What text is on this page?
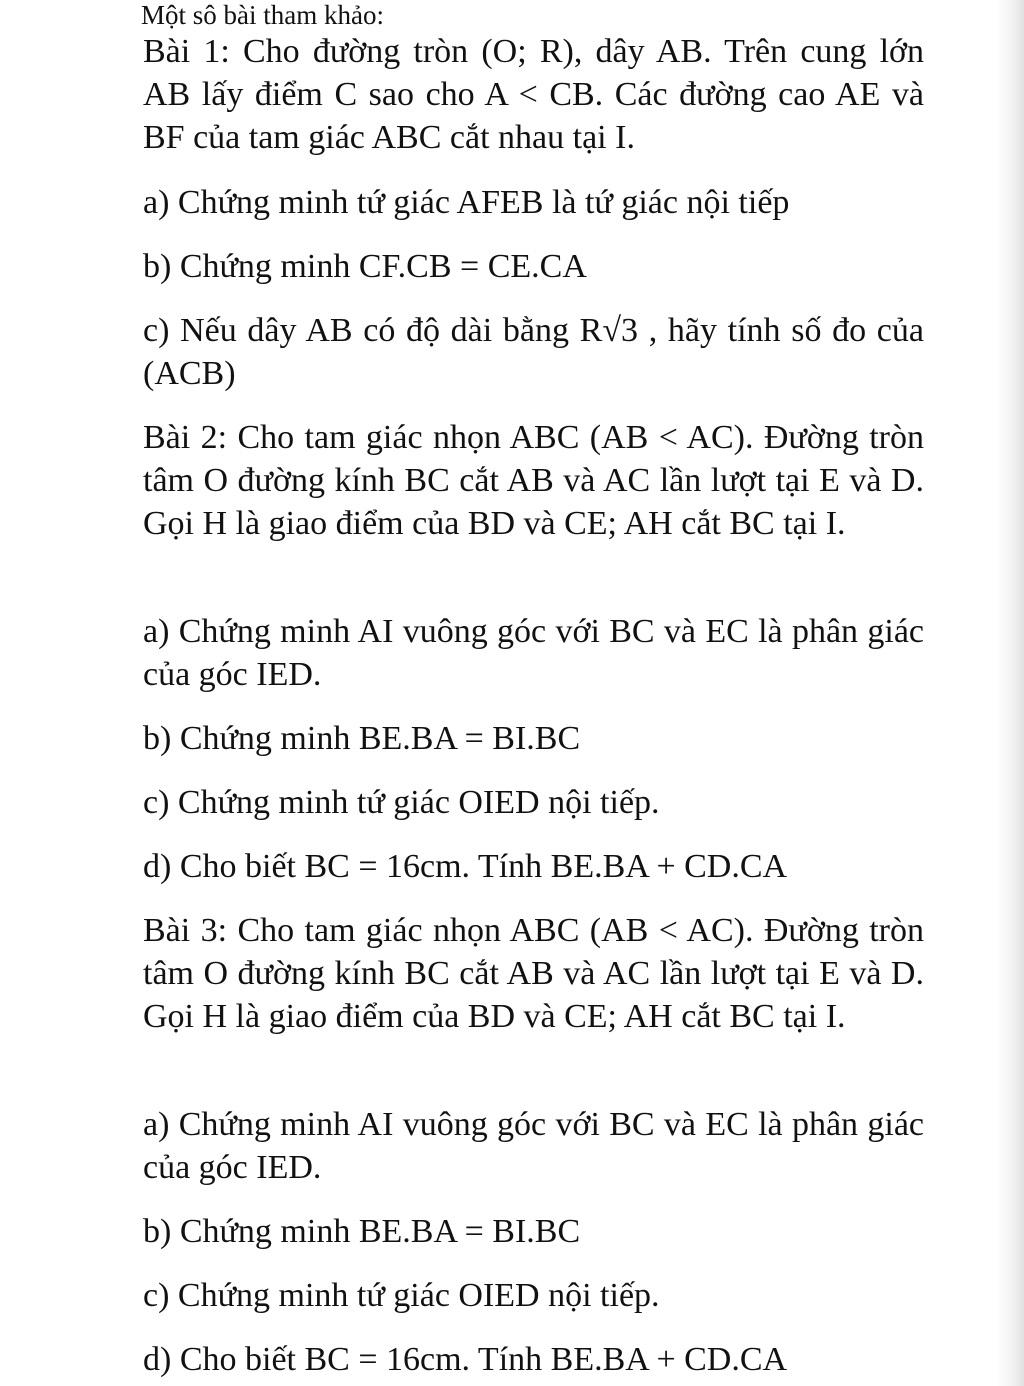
Một sô bài tham khảo:

Bài 1: Cho đường tròn (O; R), dây AB. Trên cung lớn AB lấy điểm C sao cho A < CB. Các đường cao AE và BF của tam giác ABC cắt nhau tại I.

a) Chứng minh tứ giác AFEB là tứ giác nội tiếp

b) Chứng minh CF.CB = CE.CA

c) Nếu dây AB có độ dài bằng R√3 , hãy tính số đo của (ACB)

Bài 2: Cho tam giác nhọn ABC (AB < AC). Đường tròn tâm O đường kính BC cắt AB và AC lần lượt tại E và D. Gọi H là giao điểm của BD và CE; AH cắt BC tại I.

a) Chứng minh AI vuông góc với BC và EC là phân giác của góc IED.

b) Chứng minh BE.BA = BI.BC

c) Chứng minh tứ giác OIED nội tiếp.

d) Cho biết BC = 16cm. Tính BE.BA + CD.CA

Bài 3: Cho tam giác nhọn ABC (AB < AC). Đường tròn tâm O đường kính BC cắt AB và AC lần lượt tại E và D. Gọi H là giao điểm của BD và CE; AH cắt BC tại I.

a) Chứng minh AI vuông góc với BC và EC là phân giác của góc IED.

b) Chứng minh BE.BA = BI.BC

c) Chứng minh tứ giác OIED nội tiếp.

d) Cho biết BC = 16cm. Tính BE.BA + CD.CA
